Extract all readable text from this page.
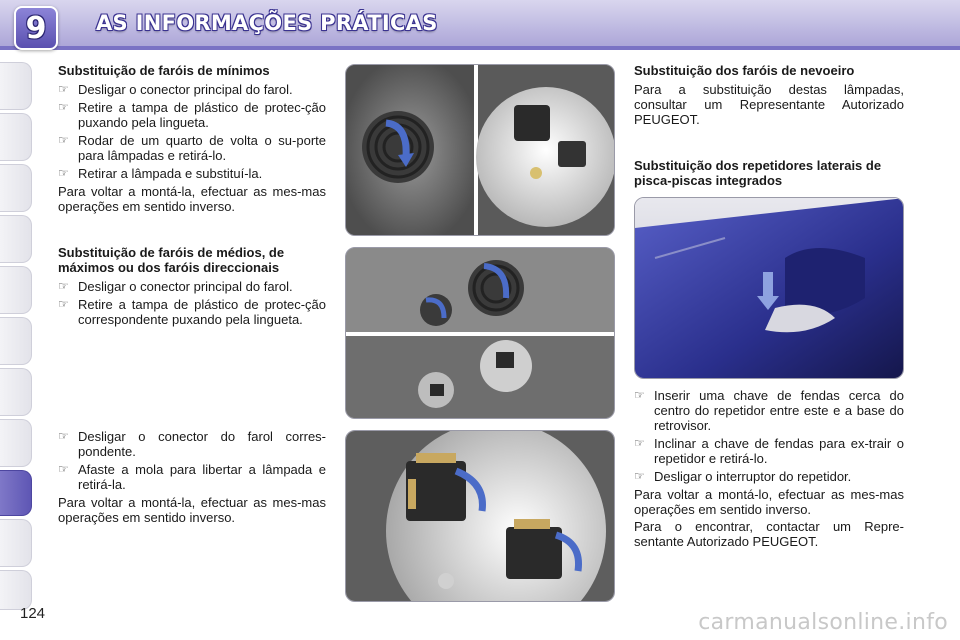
9 AS INFORMAÇÕES PRÁTICAS
Substituição de faróis de mínimos
☞ Desligar o conector principal do farol.
☞ Retire a tampa de plástico de protec-ção puxando pela lingueta.
☞ Rodar de um quarto de volta o su-porte para lâmpadas e retirá-lo.
☞ Retirar a lâmpada e substituí-la.

Para voltar a montá-la, efectuar as mes-mas operações em sentido inverso.

Substituição de faróis de médios, de máximos ou dos faróis direccionais
☞ Desligar o conector principal do farol.
☞ Retire a tampa de plástico de protec-ção correspondente puxando pela lingueta.
☞ Desligar o conector do farol corres-pondente.
☞ Afaste a mola para libertar a lâmpada e retirá-la.

Para voltar a montá-la, efectuar as mes-mas operações em sentido inverso.

Substituição dos faróis de nevoeiro

Para a substituição destas lâmpadas, consultar um Representante Autorizado PEUGEOT.

Substituição dos repetidores laterais de pisca-piscas integrados
☞ Inserir uma chave de fendas cerca do centro do repetidor entre este e a base do retrovisor.
☞ Inclinar a chave de fendas para ex-trair o repetidor e retirá-lo.
☞ Desligar o interruptor do repetidor.

Para voltar a montá-lo, efectuar as mes-mas operações em sentido inverso.

Para o encontrar, contactar um Repre-sentante Autorizado PEUGEOT.

124	carmanualsonline.info
